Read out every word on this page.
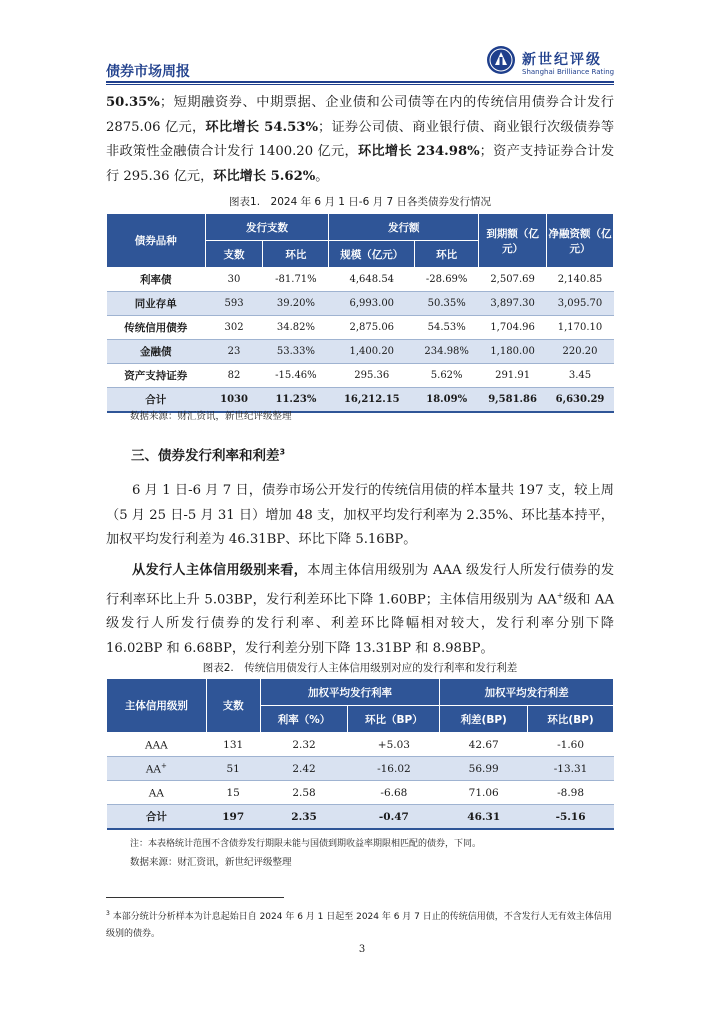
债券市场周报
新世纪评级
Shanghai Brilliance Rating
50.35%；短期融资券、中期票据、企业债和公司债等在内的传统信用债券合计发行 2875.06 亿元，环比增长 54.53%；证券公司债、商业银行债、商业银行次级债券等非政策性金融债合计发行 1400.20 亿元，环比增长 234.98%；资产支持证券合计发行 295.36 亿元，环比增长 5.62%。
图表1.　2024 年 6 月 1 日-6 月 7 日各类债券发行情况
债券品种	发行支数		发行额		到期额（亿元）	净融资额（亿元）
	支数	环比	规模（亿元）	环比		
利率债	30	-81.71%	4,648.54	-28.69%	2,507.69	2,140.85
同业存单	593	39.20%	6,993.00	50.35%	3,897.30	3,095.70
传统信用债券	302	34.82%	2,875.06	54.53%	1,704.96	1,170.10
金融债	23	53.33%	1,400.20	234.98%	1,180.00	220.20
资产支持证券	82	-15.46%	295.36	5.62%	291.91	3.45
合计	1030	11.23%	16,212.15	18.09%	9,581.86	6,630.29
数据来源：财汇资讯，新世纪评级整理
三、债券发行利率和利差$^3$
6 月 1 日-6 月 7 日，债券市场公开发行的传统信用债的样本量共 197 支，较上周（5 月 25 日-5 月 31 日）增加 48 支，加权平均发行利率为 2.35%、环比基本持平，加权平均发行利差为 46.31BP、环比下降 5.16BP。
从发行人主体信用级别来看，本周主体信用级别为 AAA 级发行人所发行债券的发行利率环比上升 5.03BP，发行利差环比下降 1.60BP；主体信用级别为 AA+级和 AA 级发行人所发行债券的发行利率、利差环比降幅相对较大，发行利率分别下降 16.02BP 和 6.68BP，发行利差分别下降 13.31BP 和 8.98BP。
图表2.　传统信用债发行人主体信用级别对应的发行利率和发行利差
主体信用级别	支数	加权平均发行利率		加权平均发行利差	
		利率（%）	环比（BP）	利差(BP)	环比(BP)
AAA	131	2.32	+5.03	42.67	-1.60
AA+	51	2.42	-16.02	56.99	-13.31
AA	15	2.58	-6.68	71.06	-8.98
合计	197	2.35	-0.47	46.31	-5.16
注：本表格统计范围不含债券发行期限未能与国债到期收益率期限相匹配的债券，下同。
数据来源：财汇资讯，新世纪评级整理
$^3$ 本部分统计分析样本为计息起始日自 2024 年 6 月 1 日起至 2024 年 6 月 7 日止的传统信用债，不含发行人无有效主体信用级别的债券。
3
